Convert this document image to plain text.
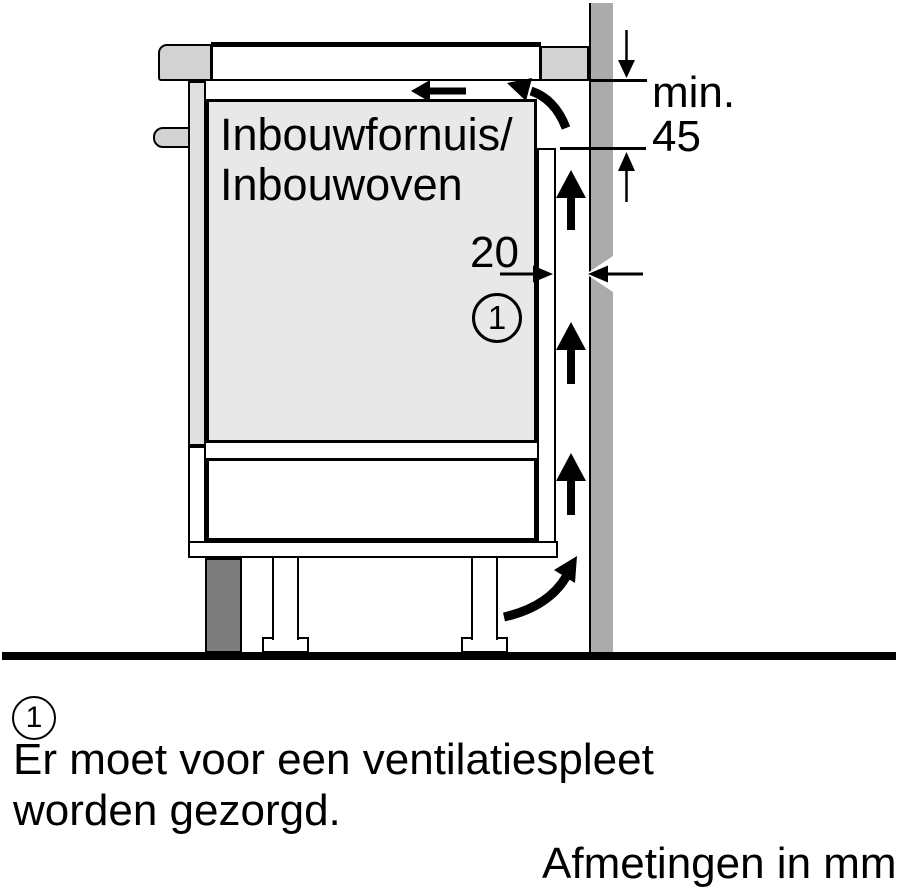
Inbouwfornuis/
Inbouwoven
min.
45
20
1
1
Er moet voor een ventilatiespleet
worden gezorgd.
Afmetingen in mm
